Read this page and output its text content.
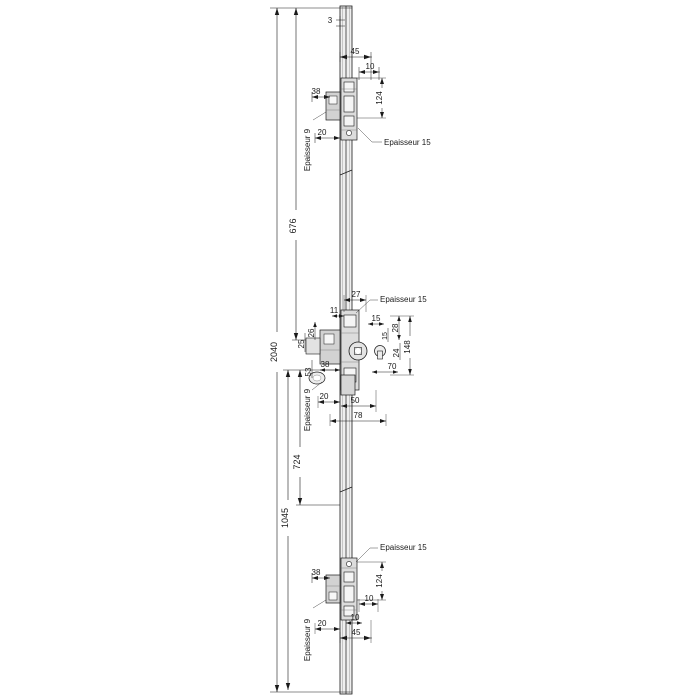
2040
1045
724
676
3
45
10
124
38
20
Epaisseur 9	Epaisseur 15
27
Epaisseur 15
11
26
25
53
38
15
15
28
24 148
70
20	50
78
Epaisseur 9
Epaisseur 15
38
124
10
10
20
45
Epaisseur 9
